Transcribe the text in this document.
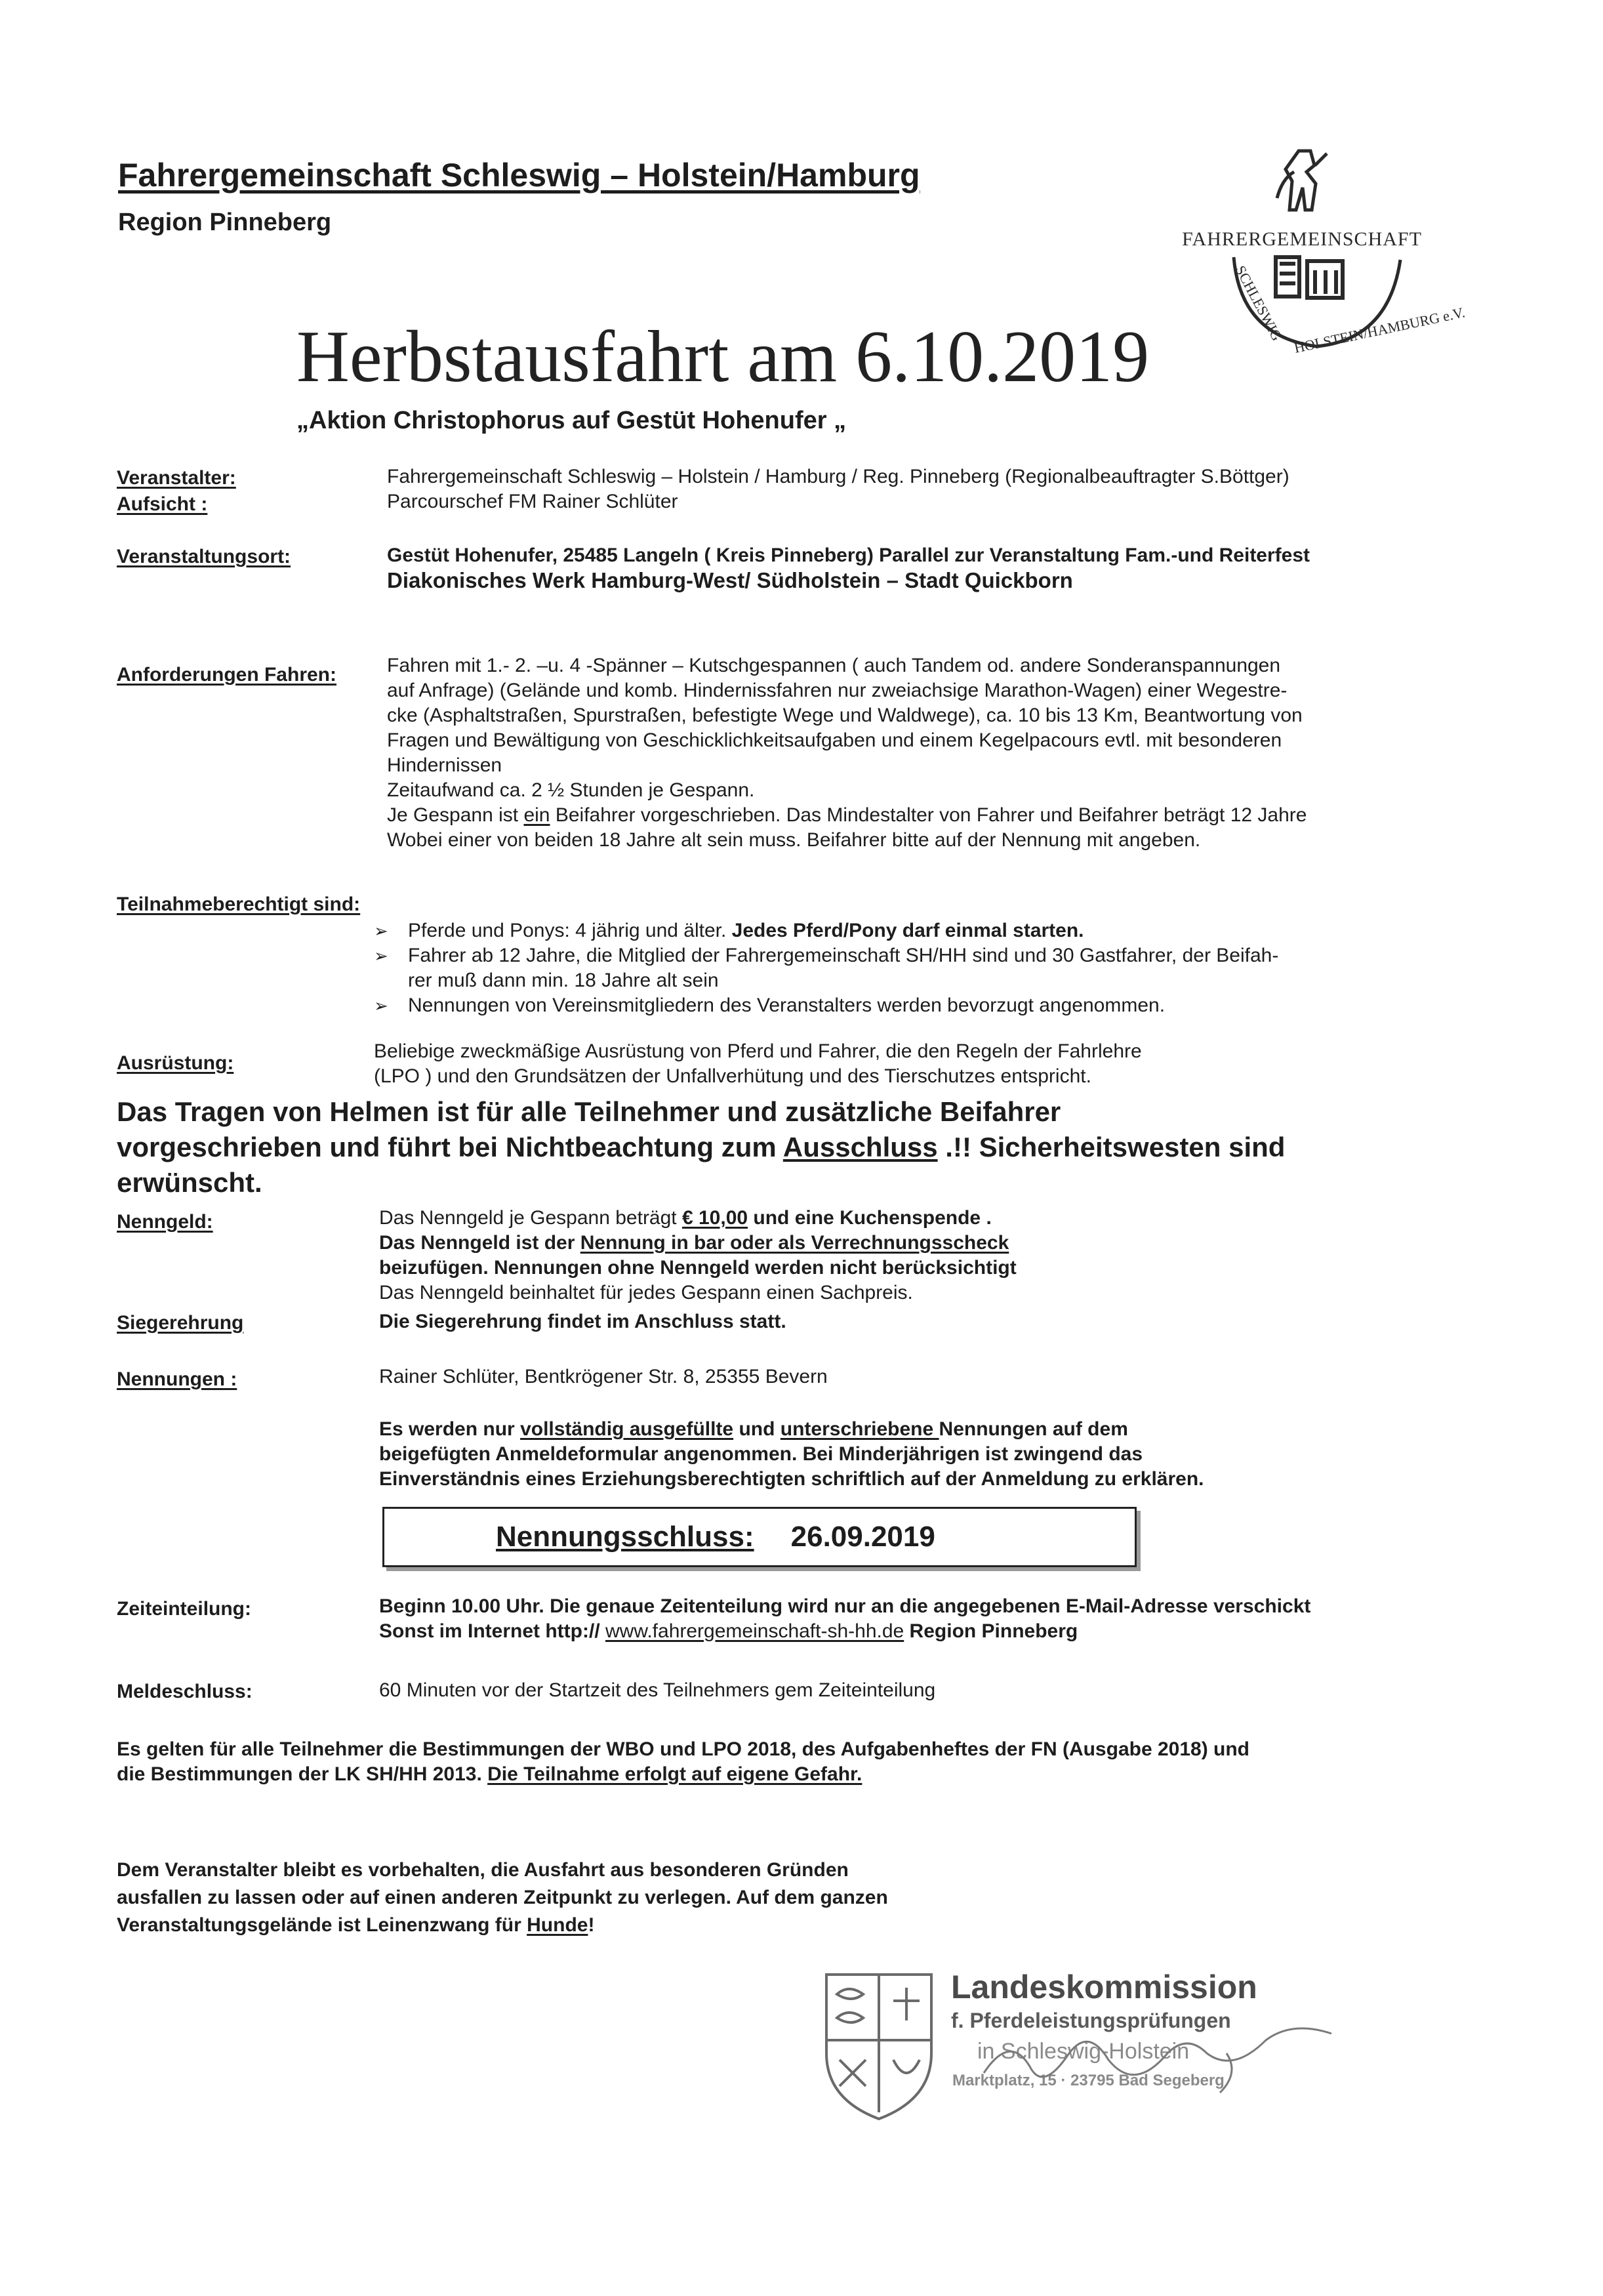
FAHRERGEMEINSCHAFT
SCHLESWIG HOLSTEIN/HAMBURG e.V.
Fahrergemeinschaft Schleswig – Holstein/Hamburg
Region Pinneberg
Herbstausfahrt am 6.10.2019
„Aktion Christophorus auf Gestüt Hohenufer „
Veranstalter:	Fahrergemeinschaft Schleswig – Holstein / Hamburg / Reg. Pinneberg (Regionalbeauftragter S.Böttger)
Aufsicht :	Parcourschef FM Rainer Schlüter
Veranstaltungsort:	Gestüt Hohenufer, 25485 Langeln ( Kreis Pinneberg) Parallel zur Veranstaltung Fam.-und Reiterfest
Diakonisches Werk Hamburg-West/ Südholstein – Stadt Quickborn
Anforderungen Fahren:	Fahren mit 1.- 2. –u. 4 -Spänner – Kutschgespannen ( auch Tandem od. andere Sonderanspannungen
auf Anfrage) (Gelände und komb. Hindernissfahren nur zweiachsige Marathon-Wagen) einer Wegestre-
cke (Asphaltstraßen, Spurstraßen, befestigte Wege und Waldwege), ca. 10 bis 13 Km, Beantwortung von
Fragen und Bewältigung von Geschicklichkeitsaufgaben und einem Kegelpacours evtl. mit besonderen
Hindernissen
Zeitaufwand ca. 2 ½ Stunden je Gespann.
Je Gespann ist ein Beifahrer vorgeschrieben. Das Mindestalter von Fahrer und Beifahrer beträgt 12 Jahre
Wobei einer von beiden 18 Jahre alt sein muss. Beifahrer bitte auf der Nennung mit angeben.
Teilnahmeberechtigt sind:
➢ Pferde und Ponys: 4 jährig und älter. Jedes Pferd/Pony darf einmal starten.
➢ Fahrer ab 12 Jahre, die Mitglied der Fahrergemeinschaft SH/HH sind und 30 Gastfahrer, der Beifah-
rer muß dann min. 18 Jahre alt sein
➢ Nennungen von Vereinsmitgliedern des Veranstalters werden bevorzugt angenommen.
Ausrüstung:
Beliebige zweckmäßige Ausrüstung von Pferd und Fahrer, die den Regeln der Fahrlehre
(LPO ) und den Grundsätzen der Unfallverhütung und des Tierschutzes entspricht.
Das Tragen von Helmen ist für alle Teilnehmer und zusätzliche Beifahrer
vorgeschrieben und führt bei Nichtbeachtung zum Ausschluss .!! Sicherheitswesten sind
erwünscht.
Nenngeld:	Das Nenngeld je Gespann beträgt € 10,00 und eine Kuchenspende .
Das Nenngeld ist der Nennung in bar oder als Verrechnungsscheck
beizufügen. Nennungen ohne Nenngeld werden nicht berücksichtigt
Das Nenngeld beinhaltet für jedes Gespann einen Sachpreis.
Siegerehrung	Die Siegerehrung findet im Anschluss statt.
Nennungen :	Rainer Schlüter, Bentkrögener Str. 8, 25355 Bevern
Es werden nur vollständig ausgefüllte und unterschriebene Nennungen auf dem
beigefügten Anmeldeformular angenommen. Bei Minderjährigen ist zwingend das
Einverständnis eines Erziehungsberechtigten schriftlich auf der Anmeldung zu erklären.
Nennungsschluss: 26.09.2019
Zeiteinteilung:	Beginn 10.00 Uhr. Die genaue Zeitenteilung wird nur an die angegebenen E-Mail-Adresse verschickt
Sonst im Internet http:// www.fahrergemeinschaft-sh-hh.de Region Pinneberg
Meldeschluss:	60 Minuten vor der Startzeit des Teilnehmers gem Zeiteinteilung
Es gelten für alle Teilnehmer die Bestimmungen der WBO und LPO 2018, des Aufgabenheftes der FN (Ausgabe 2018) und
die Bestimmungen der LK SH/HH 2013. Die Teilnahme erfolgt auf eigene Gefahr.
Dem Veranstalter bleibt es vorbehalten, die Ausfahrt aus besonderen Gründen
ausfallen zu lassen oder auf einen anderen Zeitpunkt zu verlegen. Auf dem ganzen
Veranstaltungsgelände ist Leinenzwang für Hunde!
Landeskommission
f. Pferdeleistungsprüfungen
in Schleswig-Holstein
Marktplatz, 15 · 23795 Bad Segeberg
